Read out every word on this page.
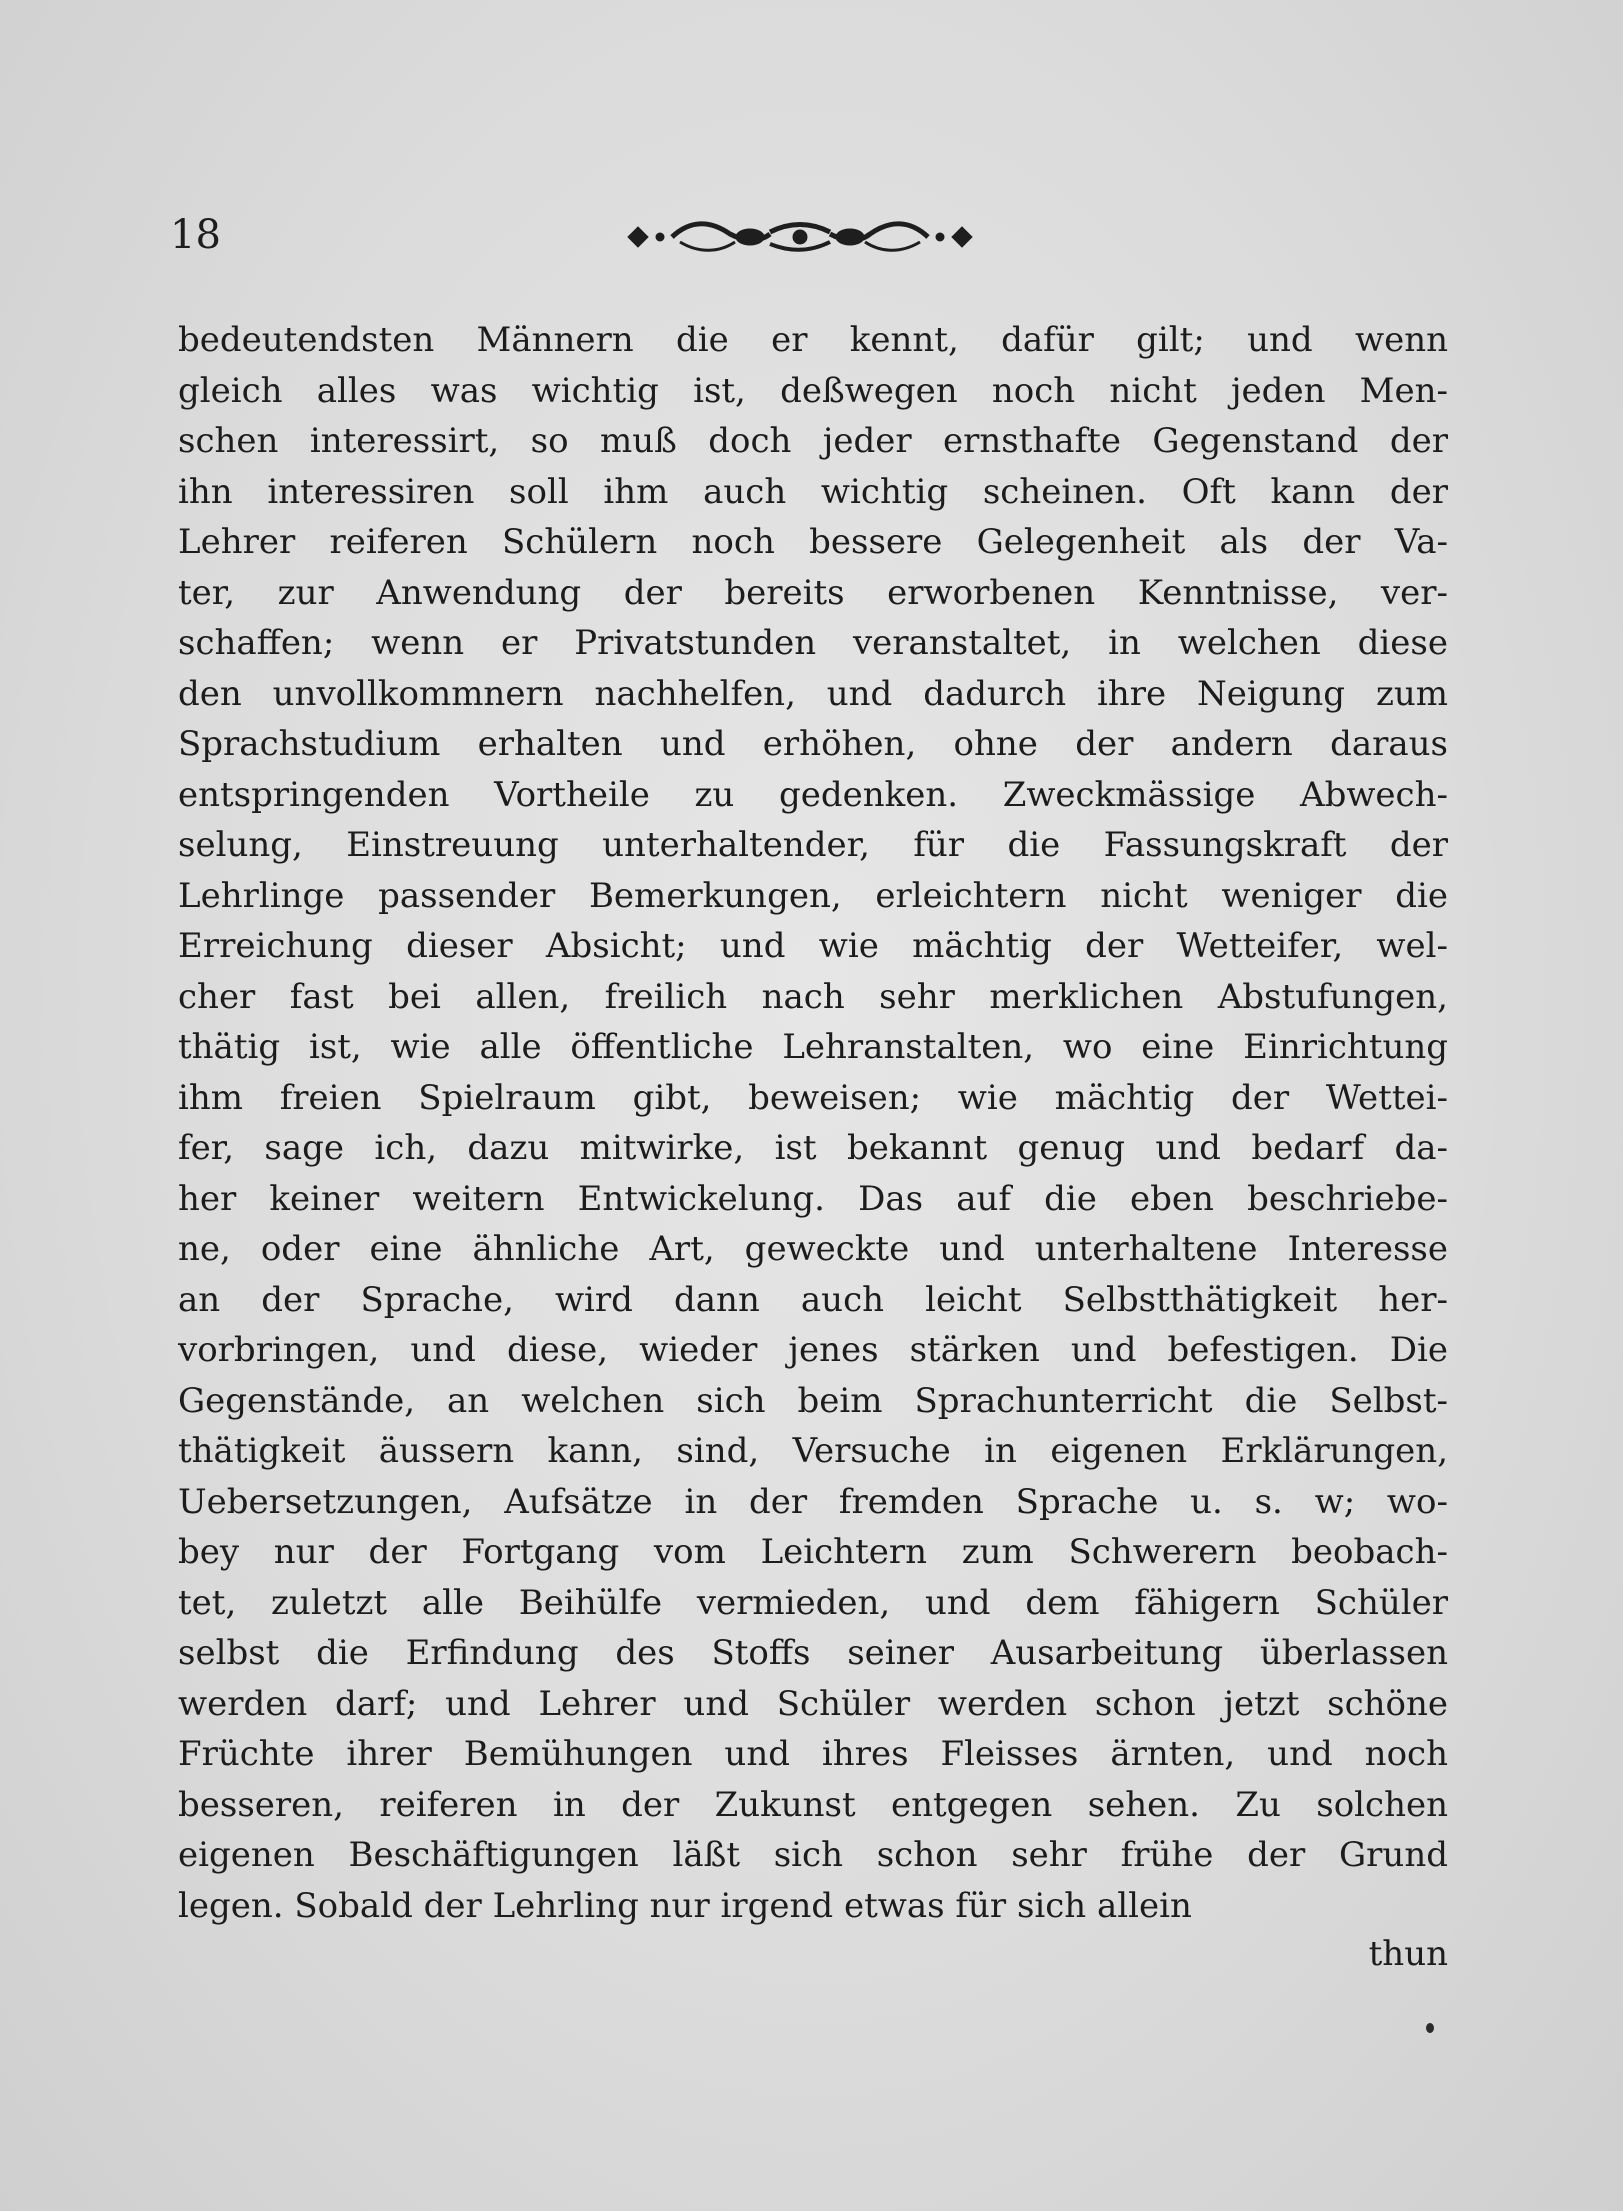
18
bedeutendsten Männern die er kennt, dafür gilt; und wenn
gleich alles was wichtig ist, deßwegen noch nicht jeden Men-
schen interessirt, so muß doch jeder ernsthafte Gegenstand der
ihn interessiren soll ihm auch wichtig scheinen. Oft kann der
Lehrer reiferen Schülern noch bessere Gelegenheit als der Va-
ter, zur Anwendung der bereits erworbenen Kenntnisse, ver-
schaffen; wenn er Privatstunden veranstaltet, in welchen diese
den unvollkommnern nachhelfen, und dadurch ihre Neigung zum
Sprachstudium erhalten und erhöhen, ohne der andern daraus
entspringenden Vortheile zu gedenken. Zweckmässige Abwech-
selung, Einstreuung unterhaltender, für die Fassungskraft der
Lehrlinge passender Bemerkungen, erleichtern nicht weniger die
Erreichung dieser Absicht; und wie mächtig der Wetteifer, wel-
cher fast bei allen, freilich nach sehr merklichen Abstufungen,
thätig ist, wie alle öffentliche Lehranstalten, wo eine Einrichtung
ihm freien Spielraum gibt, beweisen; wie mächtig der Wettei-
fer, sage ich, dazu mitwirke, ist bekannt genug und bedarf da-
her keiner weitern Entwickelung. Das auf die eben beschriebe-
ne, oder eine ähnliche Art, geweckte und unterhaltene Interesse
an der Sprache, wird dann auch leicht Selbstthätigkeit her-
vorbringen, und diese, wieder jenes stärken und befestigen. Die
Gegenstände, an welchen sich beim Sprachunterricht die Selbst-
thätigkeit äussern kann, sind, Versuche in eigenen Erklärungen,
Uebersetzungen, Aufsätze in der fremden Sprache u. s. w; wo-
bey nur der Fortgang vom Leichtern zum Schwerern beobach-
tet, zuletzt alle Beihülfe vermieden, und dem fähigern Schüler
selbst die Erfindung des Stoffs seiner Ausarbeitung überlassen
werden darf; und Lehrer und Schüler werden schon jetzt schöne
Früchte ihrer Bemühungen und ihres Fleisses ärnten, und noch
besseren, reiferen in der Zukunst entgegen sehen. Zu solchen
eigenen Beschäftigungen läßt sich schon sehr frühe der Grund
legen. Sobald der Lehrling nur irgend etwas für sich allein
thun
